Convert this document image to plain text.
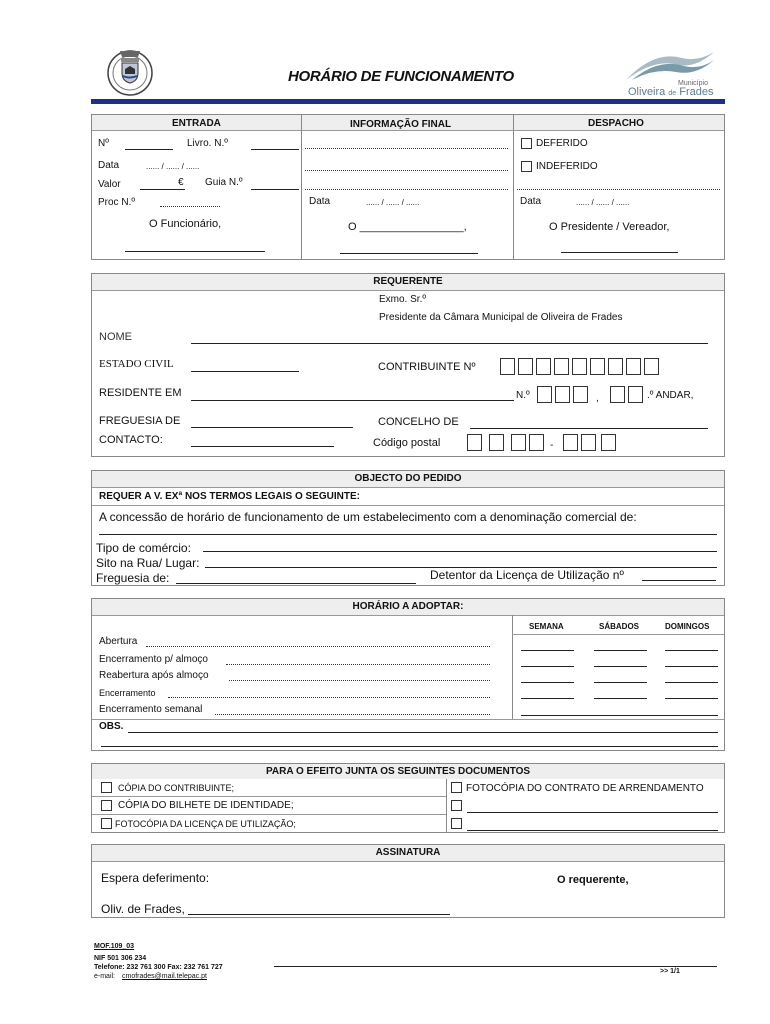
HORÁRIO DE FUNCIONAMENTO	Município
Oliveira de Frades
ENTRADA	INFORMAÇÃO FINAL	DESPACHO
Nº	Livro. N.º
Data	...... / ...... / ......
Valor	€ Guia N.º
Proc N.º
O Funcionário,
Data	...... / ...... / ......
O _________________,
DEFERIDO
INDEFERIDO
Data	...... / ...... / ......
O Presidente / Vereador,
REQUERENTE
Exmo. Sr.º
Presidente da Câmara Municipal de Oliveira de Frades
NOME
ESTADO CIVIL	CONTRIBUINTE Nº
RESIDENTE EM	N.º	,	.º ANDAR,
FREGUESIA DE	CONCELHO DE
CONTACTO:	Código postal	-
OBJECTO DO PEDIDO
REQUER A V. EXª NOS TERMOS LEGAIS O SEGUINTE:
A concessão de horário de funcionamento de um estabelecimento com a denominação comercial de:
Tipo de comércio:
Sito na Rua/ Lugar:
Freguesia de:	Detentor da Licença de Utilização nº
HORÁRIO A ADOPTAR:
SEMANA	SÁBADOS	DOMINGOS
Abertura
Encerramento p/ almoço
Reabertura após almoço
Encerramento
Encerramento semanal
OBS.
PARA O EFEITO JUNTA OS SEGUINTES DOCUMENTOS
CÓPIA DO CONTRIBUINTE;
CÓPIA DO BILHETE DE IDENTIDADE;
FOTOCÓPIA DA LICENÇA DE UTILIZAÇÃO;
FOTOCÓPIA DO CONTRATO DE ARRENDAMENTO
ASSINATURA
Espera deferimento:	O requerente,
Oliv. de Frades,
MOF.109_03
NIF 501 306 234
Telefone: 232 761 300 Fax: 232 761 727
e-mail: cmofrades@mail.telepac.pt
>> 1/1
